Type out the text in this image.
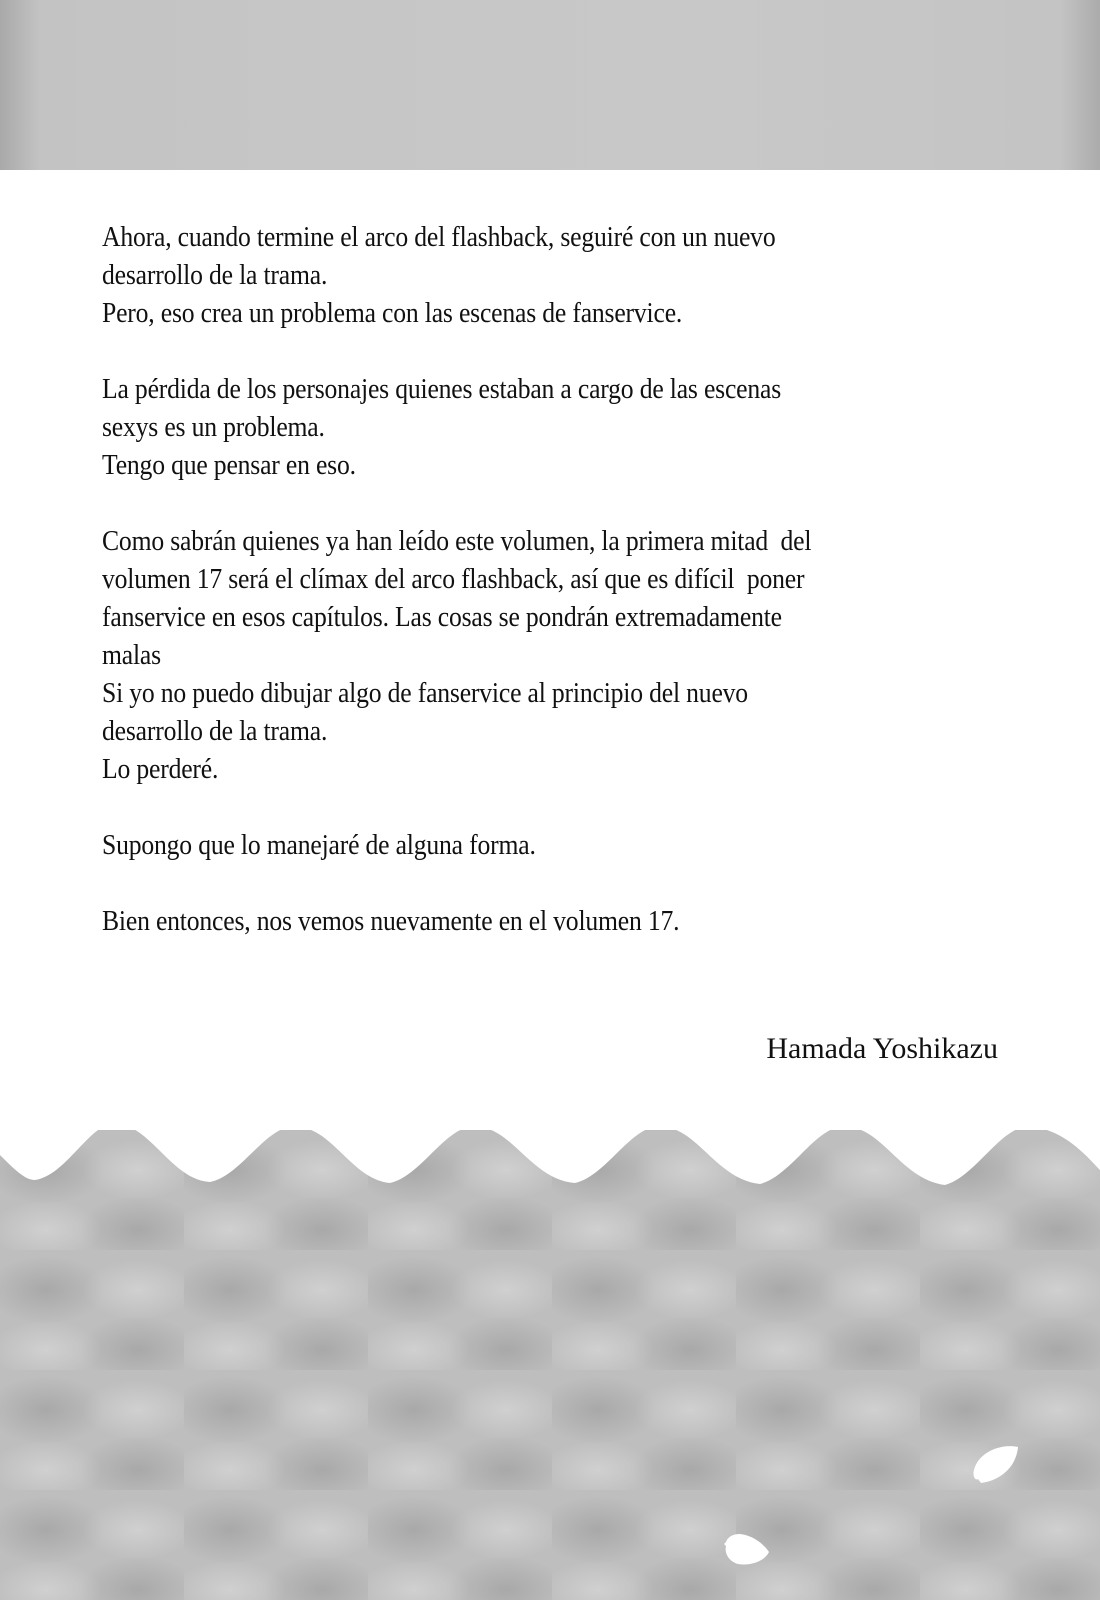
Ahora, cuando termine el arco del flashback, seguiré con un nuevo
desarrollo de la trama.
Pero, eso crea un problema con las escenas de fanservice.
La pérdida de los personajes quienes estaban a cargo de las escenas
sexys es un problema.
Tengo que pensar en eso.
Como sabrán quienes ya han leído este volumen, la primera mitad  del
volumen 17 será el clímax del arco flashback, así que es difícil  poner
fanservice en esos capítulos. Las cosas se pondrán extremadamente
malas
Si yo no puedo dibujar algo de fanservice al principio del nuevo
desarrollo de la trama.
Lo perderé.
Supongo que lo manejaré de alguna forma.
Bien entonces, nos vemos nuevamente en el volumen 17.
Hamada Yoshikazu
